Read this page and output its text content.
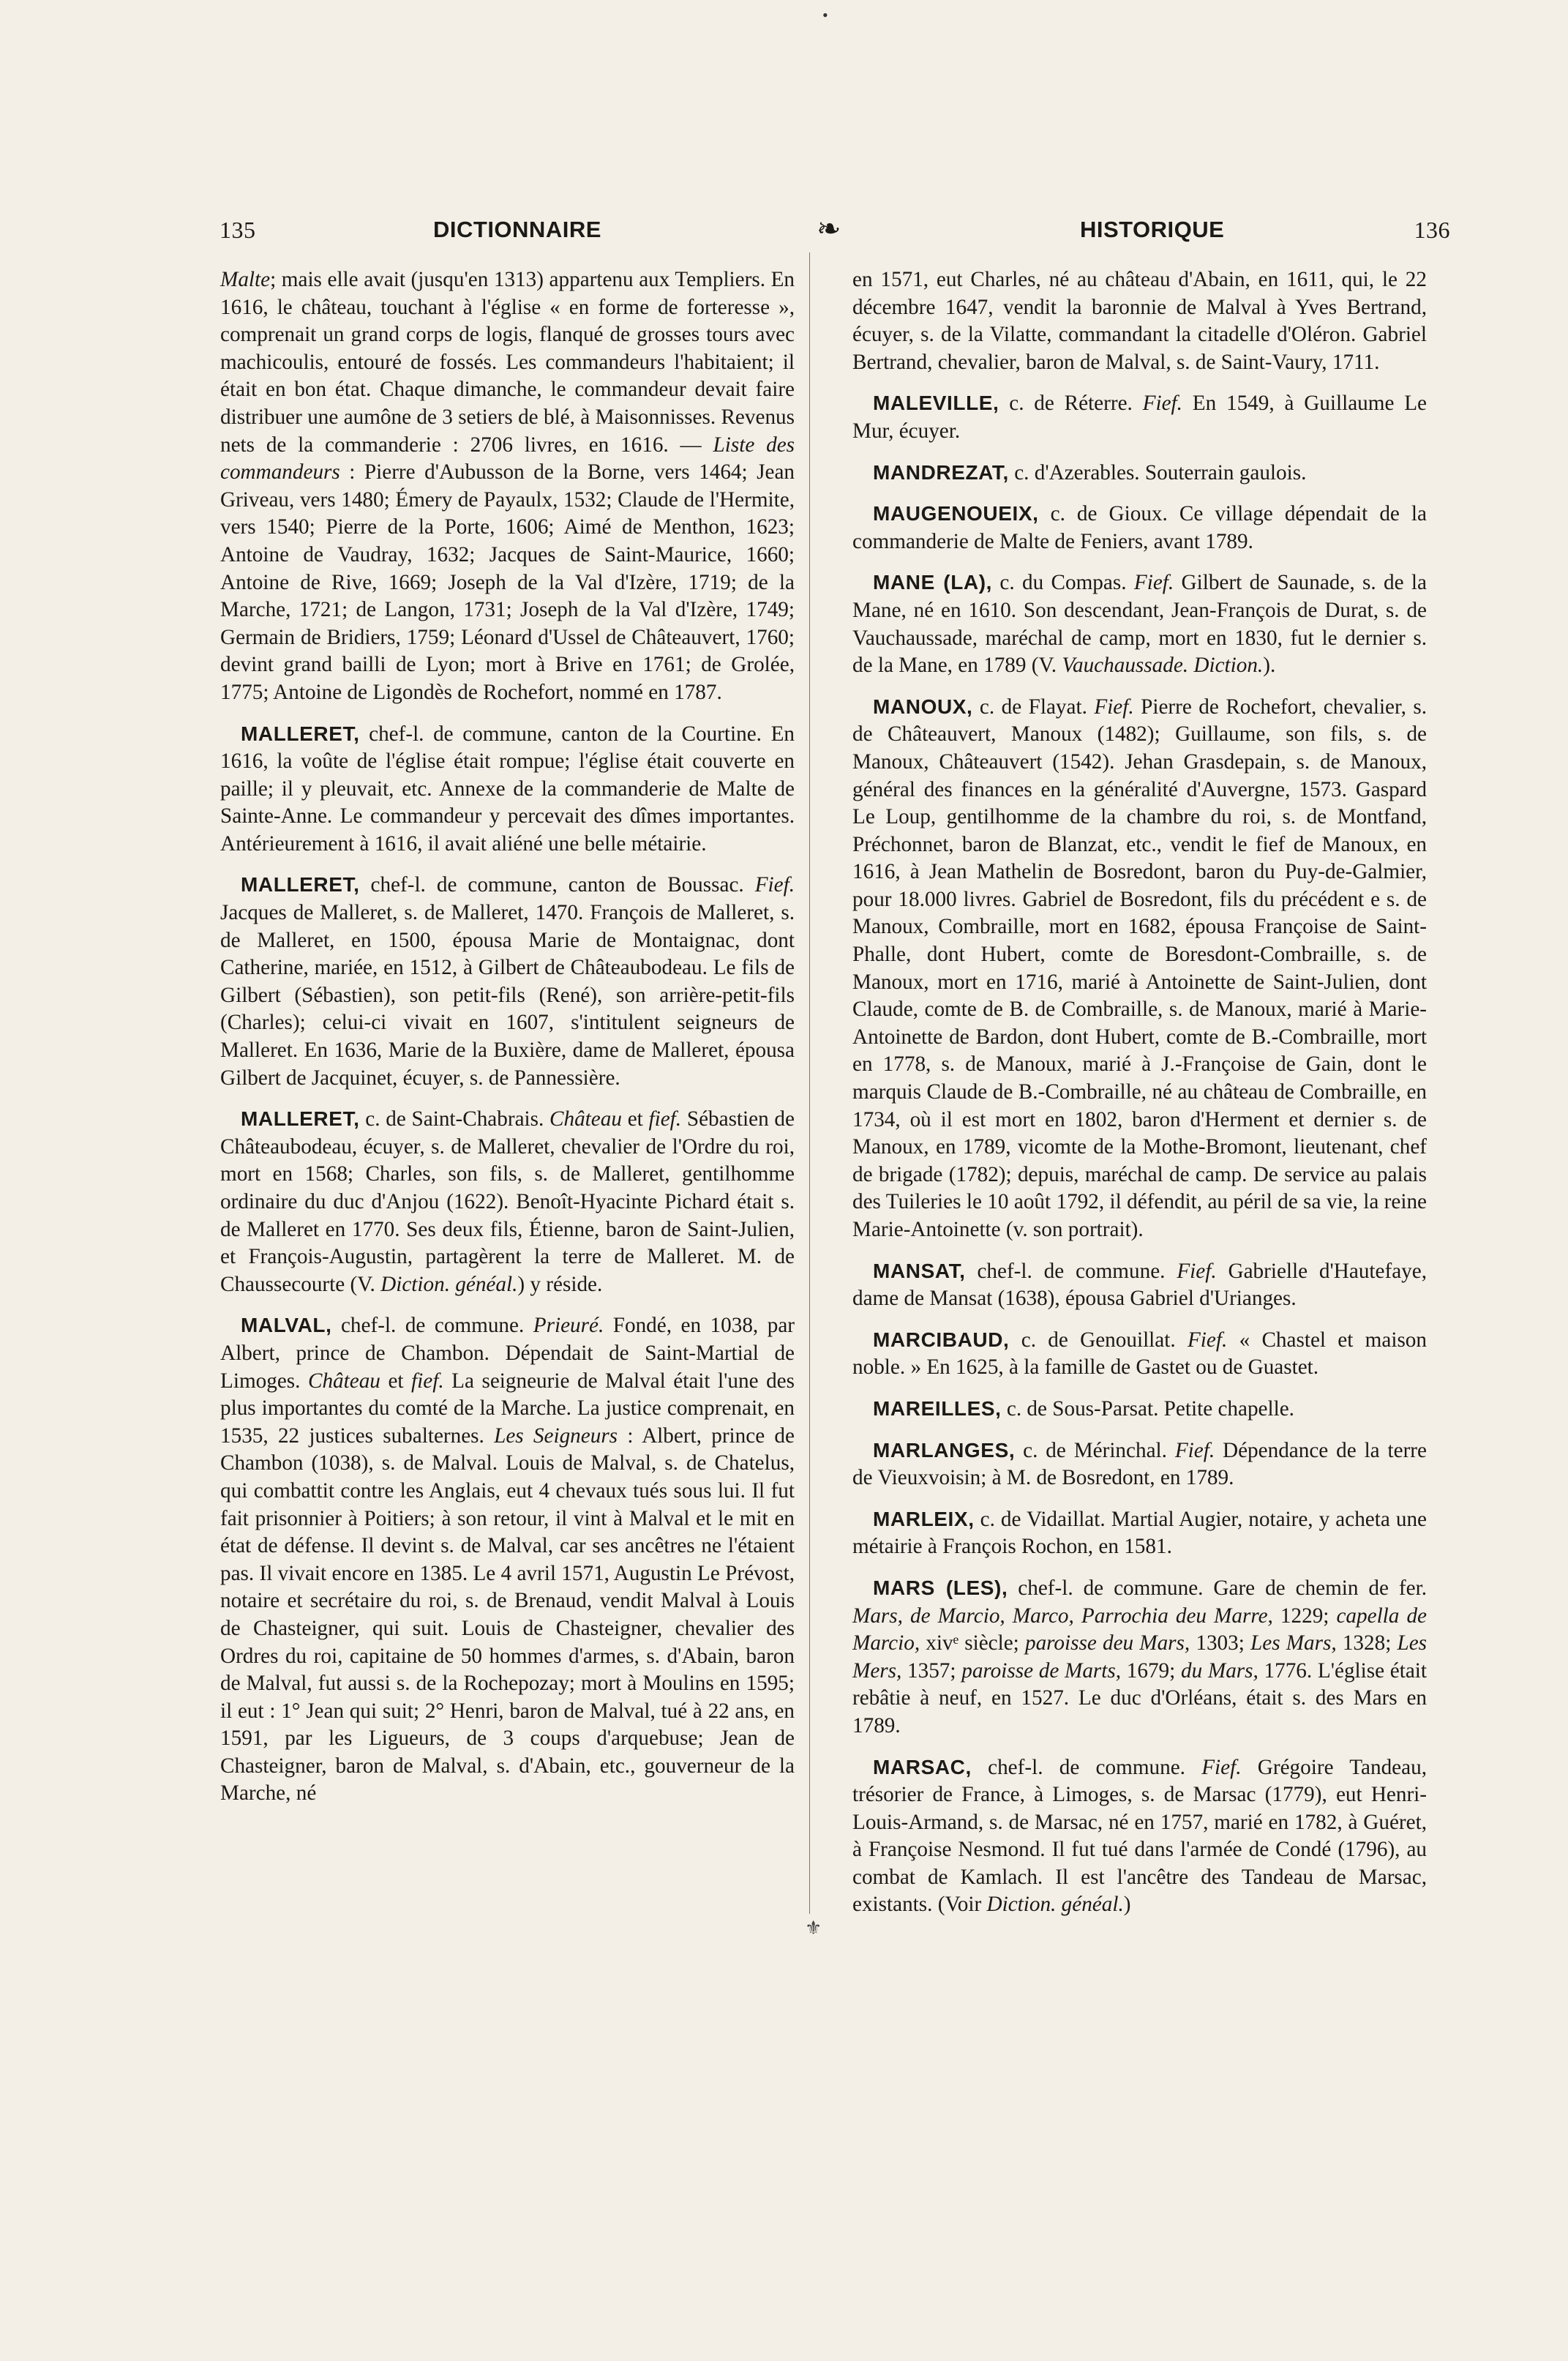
•
135	DICTIONNAIRE	❧	HISTORIQUE	136
⚜

Malte; mais elle avait (jusqu'en 1313) appartenu aux Templiers. En 1616, le château, touchant à l'église « en forme de forteresse », comprenait un grand corps de logis, flanqué de grosses tours avec machicoulis, entouré de fossés. Les commandeurs l'habitaient; il était en bon état. Chaque dimanche, le commandeur devait faire distribuer une aumône de 3 setiers de blé, à Maisonnisses. Revenus nets de la commanderie : 2706 livres, en 1616. — Liste des commandeurs : Pierre d'Aubusson de la Borne, vers 1464; Jean Griveau, vers 1480; Émery de Payaulx, 1532; Claude de l'Hermite, vers 1540; Pierre de la Porte, 1606; Aimé de Menthon, 1623; Antoine de Vaudray, 1632; Jacques de Saint-Maurice, 1660; Antoine de Rive, 1669; Joseph de la Val d'Izère, 1719; de la Marche, 1721; de Langon, 1731; Joseph de la Val d'Izère, 1749; Germain de Bridiers, 1759; Léonard d'Ussel de Châteauvert, 1760; devint grand bailli de Lyon; mort à Brive en 1761; de Grolée, 1775; Antoine de Ligondès de Rochefort, nommé en 1787.

MALLERET, chef-l. de commune, canton de la Courtine. En 1616, la voûte de l'église était rompue; l'église était couverte en paille; il y pleuvait, etc. Annexe de la commanderie de Malte de Sainte-Anne. Le commandeur y percevait des dîmes importantes. Antérieurement à 1616, il avait aliéné une belle métairie.

MALLERET, chef-l. de commune, canton de Boussac. Fief. Jacques de Malleret, s. de Malleret, 1470. François de Malleret, s. de Malleret, en 1500, épousa Marie de Montaignac, dont Catherine, mariée, en 1512, à Gilbert de Châteaubodeau. Le fils de Gilbert (Sébastien), son petit-fils (René), son arrière-petit-fils (Charles); celui-ci vivait en 1607, s'intitulent seigneurs de Malleret. En 1636, Marie de la Buxière, dame de Malleret, épousa Gilbert de Jacquinet, écuyer, s. de Pannessière.

MALLERET, c. de Saint-Chabrais. Château et fief. Sébastien de Châteaubodeau, écuyer, s. de Malleret, chevalier de l'Ordre du roi, mort en 1568; Charles, son fils, s. de Malleret, gentilhomme ordinaire du duc d'Anjou (1622). Benoît-Hyacinte Pichard était s. de Malleret en 1770. Ses deux fils, Étienne, baron de Saint-Julien, et François-Augustin, partagèrent la terre de Malleret. M. de Chaussecourte (V. Diction. généal.) y réside.

MALVAL, chef-l. de commune. Prieuré. Fondé, en 1038, par Albert, prince de Chambon. Dépendait de Saint-Martial de Limoges. Château et fief. La seigneurie de Malval était l'une des plus importantes du comté de la Marche. La justice comprenait, en 1535, 22 justices subalternes. Les Seigneurs : Albert, prince de Chambon (1038), s. de Malval. Louis de Malval, s. de Chatelus, qui combattit contre les Anglais, eut 4 chevaux tués sous lui. Il fut fait prisonnier à Poitiers; à son retour, il vint à Malval et le mit en état de défense. Il devint s. de Malval, car ses ancêtres ne l'étaient pas. Il vivait encore en 1385. Le 4 avril 1571, Augustin Le Prévost, notaire et secrétaire du roi, s. de Brenaud, vendit Malval à Louis de Chasteigner, qui suit. Louis de Chasteigner, chevalier des Ordres du roi, capitaine de 50 hommes d'armes, s. d'Abain, baron de Malval, fut aussi s. de la Rochepozay; mort à Moulins en 1595; il eut : 1° Jean qui suit; 2° Henri, baron de Malval, tué à 22 ans, en 1591, par les Ligueurs, de 3 coups d'arquebuse; Jean de Chasteigner, baron de Malval, s. d'Abain, etc., gouverneur de la Marche, né

en 1571, eut Charles, né au château d'Abain, en 1611, qui, le 22 décembre 1647, vendit la baronnie de Malval à Yves Bertrand, écuyer, s. de la Vilatte, commandant la citadelle d'Oléron. Gabriel Bertrand, chevalier, baron de Malval, s. de Saint-Vaury, 1711.

MALEVILLE, c. de Réterre. Fief. En 1549, à Guillaume Le Mur, écuyer.

MANDREZAT, c. d'Azerables. Souterrain gaulois.

MAUGENOUEIX, c. de Gioux. Ce village dépendait de la commanderie de Malte de Feniers, avant 1789.

MANE (LA), c. du Compas. Fief. Gilbert de Saunade, s. de la Mane, né en 1610. Son descendant, Jean-François de Durat, s. de Vauchaussade, maréchal de camp, mort en 1830, fut le dernier s. de la Mane, en 1789 (V. Vauchaussade. Diction.).

MANOUX, c. de Flayat. Fief. Pierre de Rochefort, chevalier, s. de Châteauvert, Manoux (1482); Guillaume, son fils, s. de Manoux, Châteauvert (1542). Jehan Grasdepain, s. de Manoux, général des finances en la généralité d'Auvergne, 1573. Gaspard Le Loup, gentilhomme de la chambre du roi, s. de Montfand, Préchonnet, baron de Blanzat, etc., vendit le fief de Manoux, en 1616, à Jean Mathelin de Bosredont, baron du Puy-de-Galmier, pour 18.000 livres. Gabriel de Bosredont, fils du précédent e s. de Manoux, Combraille, mort en 1682, épousa Françoise de Saint-Phalle, dont Hubert, comte de Boresdont-Combraille, s. de Manoux, mort en 1716, marié à Antoinette de Saint-Julien, dont Claude, comte de B. de Combraille, s. de Manoux, marié à Marie-Antoinette de Bardon, dont Hubert, comte de B.-Combraille, mort en 1778, s. de Manoux, marié à J.-Françoise de Gain, dont le marquis Claude de B.-Combraille, né au château de Combraille, en 1734, où il est mort en 1802, baron d'Herment et dernier s. de Manoux, en 1789, vicomte de la Mothe-Bromont, lieutenant, chef de brigade (1782); depuis, maréchal de camp. De service au palais des Tuileries le 10 août 1792, il défendit, au péril de sa vie, la reine Marie-Antoinette (v. son portrait).

MANSAT, chef-l. de commune. Fief. Gabrielle d'Hautefaye, dame de Mansat (1638), épousa Gabriel d'Urianges.

MARCIBAUD, c. de Genouillat. Fief. « Chastel et maison noble. » En 1625, à la famille de Gastet ou de Guastet.

MAREILLES, c. de Sous-Parsat. Petite chapelle.

MARLANGES, c. de Mérinchal. Fief. Dépendance de la terre de Vieuxvoisin; à M. de Bosredont, en 1789.

MARLEIX, c. de Vidaillat. Martial Augier, notaire, y acheta une métairie à François Rochon, en 1581.

MARS (LES), chef-l. de commune. Gare de chemin de fer. Mars, de Marcio, Marco, Parrochia deu Marre, 1229; capella de Marcio, xivᵉ siècle; paroisse deu Mars, 1303; Les Mars, 1328; Les Mers, 1357; paroisse de Marts, 1679; du Mars, 1776. L'église était rebâtie à neuf, en 1527. Le duc d'Orléans, était s. des Mars en 1789.

MARSAC, chef-l. de commune. Fief. Grégoire Tandeau, trésorier de France, à Limoges, s. de Marsac (1779), eut Henri-Louis-Armand, s. de Marsac, né en 1757, marié en 1782, à Guéret, à Françoise Nesmond. Il fut tué dans l'armée de Condé (1796), au combat de Kamlach. Il est l'ancêtre des Tandeau de Marsac, existants. (Voir Diction. généal.)
